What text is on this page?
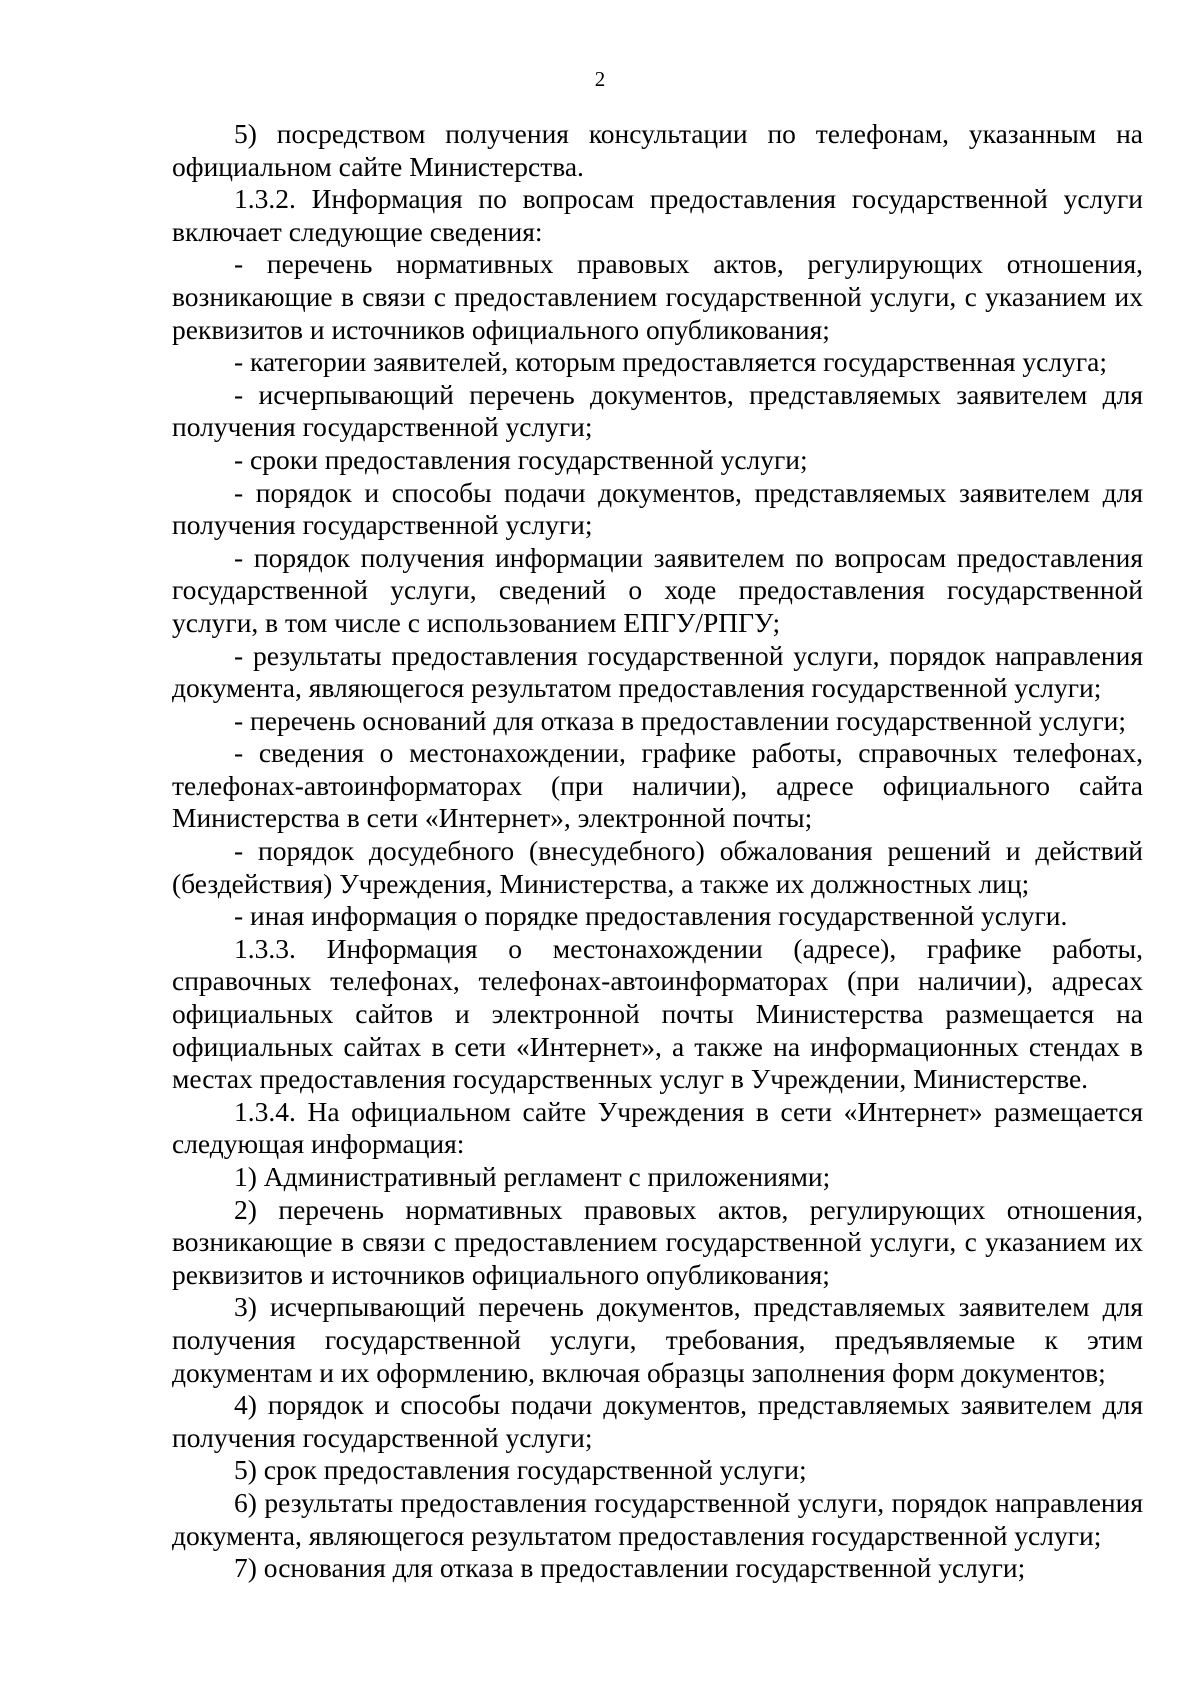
2

5) посредством получения консультации по телефонам, указанным на официальном сайте Министерства.

1.3.2. Информация по вопросам предоставления государственной услуги включает следующие сведения:

- перечень нормативных правовых актов, регулирующих отношения, возникающие в связи с предоставлением государственной услуги, с указанием их реквизитов и источников официального опубликования;

- категории заявителей, которым предоставляется государственная услуга;

- исчерпывающий перечень документов, представляемых заявителем для получения государственной услуги;

- сроки предоставления государственной услуги;

- порядок и способы подачи документов, представляемых заявителем для получения государственной услуги;

- порядок получения информации заявителем по вопросам предоставления государственной услуги, сведений о ходе предоставления государственной услуги, в том числе с использованием ЕПГУ/РПГУ;

- результаты предоставления государственной услуги, порядок направления документа, являющегося результатом предоставления государственной услуги;

- перечень оснований для отказа в предоставлении государственной услуги;

- сведения о местонахождении, графике работы, справочных телефонах, телефонах-автоинформаторах (при наличии), адресе официального сайта Министерства в сети «Интернет», электронной почты;

- порядок досудебного (внесудебного) обжалования решений и действий (бездействия) Учреждения, Министерства, а также их должностных лиц;

- иная информация о порядке предоставления государственной услуги.

1.3.3. Информация о местонахождении (адресе), графике работы, справочных телефонах, телефонах-автоинформаторах (при наличии), адресах официальных сайтов и электронной почты Министерства размещается на официальных сайтах в сети «Интернет», а также на информационных стендах в местах предоставления государственных услуг в Учреждении, Министерстве.

1.3.4. На официальном сайте Учреждения в сети «Интернет» размещается следующая информация:

1) Административный регламент с приложениями;

2) перечень нормативных правовых актов, регулирующих отношения, возникающие в связи с предоставлением государственной услуги, с указанием их реквизитов и источников официального опубликования;

3) исчерпывающий перечень документов, представляемых заявителем для получения государственной услуги, требования, предъявляемые к этим документам и их оформлению, включая образцы заполнения форм документов;

4) порядок и способы подачи документов, представляемых заявителем для получения государственной услуги;

5) срок предоставления государственной услуги;

6) результаты предоставления государственной услуги, порядок направления документа, являющегося результатом предоставления государственной услуги;

7) основания для отказа в предоставлении государственной услуги;
